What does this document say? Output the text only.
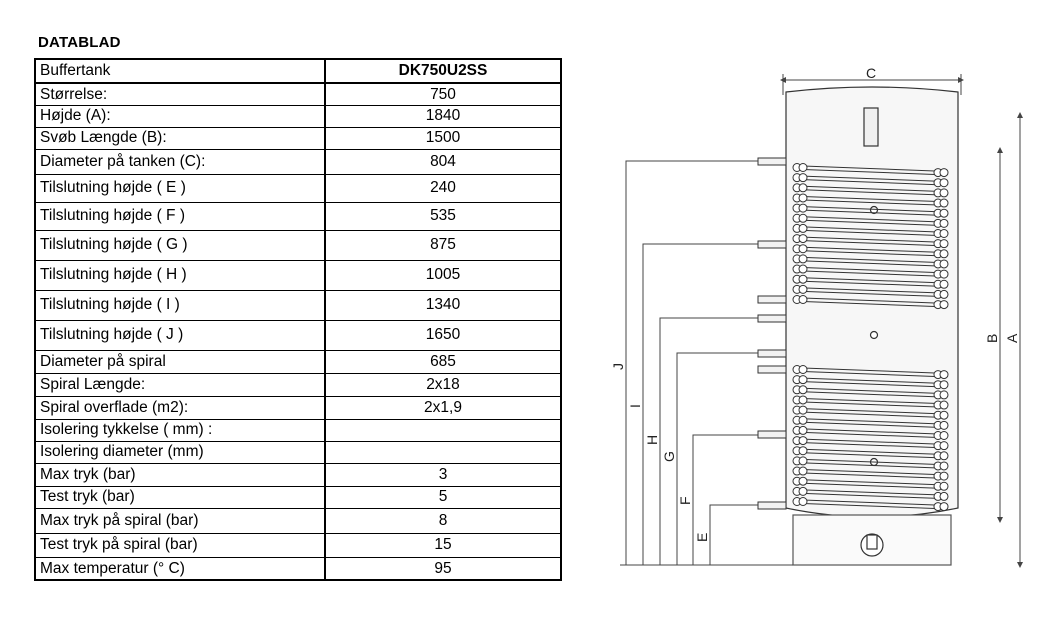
DATABLAD
Buffertank	DK750U2SS
Størrelse:	750
Højde (A):	1840
Svøb Længde (B):	1500
Diameter på tanken (C):	804
Tilslutning højde ( E )	240
Tilslutning højde ( F )	535
Tilslutning højde ( G )	875
Tilslutning højde ( H )	1005
Tilslutning højde ( I )	1340
Tilslutning højde ( J )	1650
Diameter på spiral	685
Spiral Længde:	2x18
Spiral overflade (m2):	2x1,9
Isolering tykkelse ( mm) :	
Isolering diameter (mm)	
Max tryk (bar)	3
Test tryk (bar)	5
Max tryk på spiral (bar)	8
Test tryk på spiral (bar)	15
Max temperatur (° C)	95
C
B A
J
I
H
G
F
E
